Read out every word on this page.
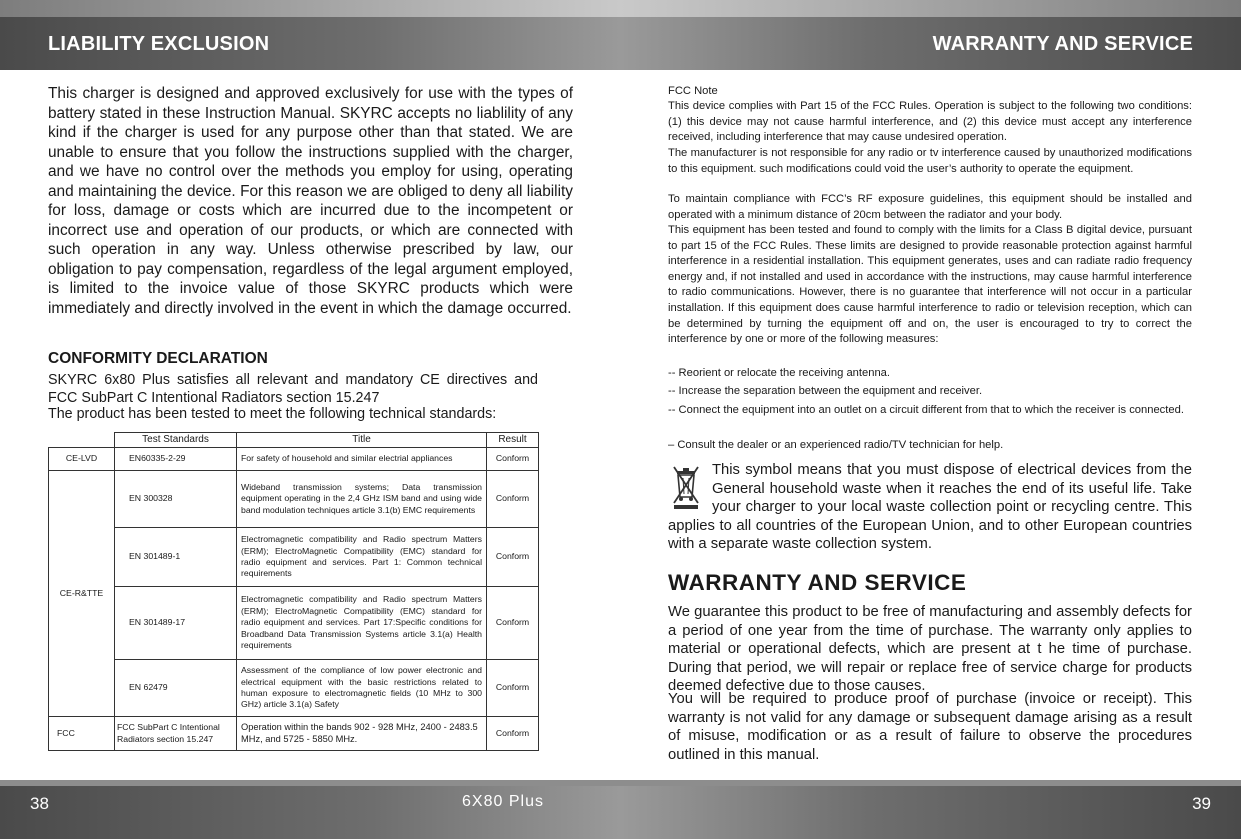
LIABILITY EXCLUSION	WARRANTY AND SERVICE

This charger is designed and approved exclusively for use with the types of battery stated in these Instruction Manual. SKYRC accepts no liablility of any kind if the charger is used for any purpose other than that stated. We are unable to ensure that you follow the instructions supplied with the charger, and we have no control over the methods you employ for using, operating and maintaining the device. For this reason we are obliged to deny all liability for loss, damage or costs which are incurred due to the incompetent or incorrect use and operation of our products, or which are connected with such operation in any way. Unless otherwise prescribed by law, our obligation to pay compensation, regardless of the legal argument employed, is limited to the invoice value of those SKYRC products which were immediately and directly involved in the event in which the damage occurred.

CONFORMITY DECLARATION

SKYRC 6x80 Plus satisfies all relevant and mandatory CE directives and FCC SubPart C Intentional Radiators section 15.247

The product has been tested to meet the following technical standards:

	Test Standards	Title	Result
CE-LVD	EN60335-2-29	For safety of household and similar electrial appliances	Conform
CE-R&TTE	EN 300328	Wideband transmission systems; Data transmission equipment operating in the 2,4 GHz ISM band and using wide band modulation techniques article 3.1(b) EMC requirements	Conform
	EN 301489-1	Electromagnetic compatibility and Radio spectrum Matters (ERM); ElectroMagnetic Compatibility (EMC) standard for radio equipment and services. Part 1: Common technical requirements	Conform
	EN 301489-17	Electromagnetic compatibility and Radio spectrum Matters (ERM); ElectroMagnetic Compatibility (EMC) standard for radio equipment and services. Part 17:Specific conditions for Broadband Data Transmission Systems article 3.1(a) Health requirements	Conform
	EN 62479	Assessment of the compliance of low power electronic and electrical equipment with the basic restrictions related to human exposure to electromagnetic fields (10 MHz to 300 GHz) article 3.1(a) Safety	Conform
FCC	FCC SubPart C Intentional Radiators section 15.247	Operation within the bands 902 - 928 MHz, 2400 - 2483.5 MHz, and 5725 - 5850 MHz.	Conform

FCC Note

This device complies with Part 15 of the FCC Rules. Operation is subject to the following two conditions: (1) this device may not cause harmful interference, and (2) this device must accept any interference received, including interference that may cause undesired operation.

The manufacturer is not responsible for any radio or tv interference caused by unauthorized modifications to this equipment. such modifications could void the user’s authority to operate the equipment.

To maintain compliance with FCC’s RF exposure guidelines, this equipment should be installed and operated with a minimum distance of 20cm between the radiator and your body.

This equipment has been tested and found to comply with the limits for a Class B digital device, pursuant to part 15 of the FCC Rules. These limits are designed to provide reasonable protection against harmful interference in a residential installation. This equipment generates, uses and can radiate radio frequency energy and, if not installed and used in accordance with the instructions, may cause harmful interference to radio communications. However, there is no guarantee that interference will not occur in a particular installation. If this equipment does cause harmful interference to radio or television reception, which can be determined by turning the equipment off and on, the user is encouraged to try to correct the interference by one or more of the following measures:

-- Reorient or relocate the receiving antenna.

-- Increase the separation between the equipment and receiver.

-- Connect the equipment into an outlet on a circuit different from that to which the receiver is connected.

– Consult the dealer or an experienced radio/TV technician for help.

This symbol means that you must dispose of electrical devices from the General household waste when it reaches the end of its useful life. Take your charger to your local waste collection point or recycling centre. This applies to all countries of the European Union, and to other European countries with a separate waste collection system.
WARRANTY AND SERVICE

We guarantee this product to be free of manufacturing and assembly defects for a period of one year from the time of purchase. The warranty only applies to material or operational defects, which are present at t he time of purchase. During that period, we will repair or replace free of service charge for products deemed defective due to those causes.

You will be required to produce proof of purchase (invoice or receipt). This warranty is not valid for any damage or subsequent damage arising as a result of misuse, modification or as a result of failure to observe the procedures outlined in this manual.

38	6X80 Plus	39
